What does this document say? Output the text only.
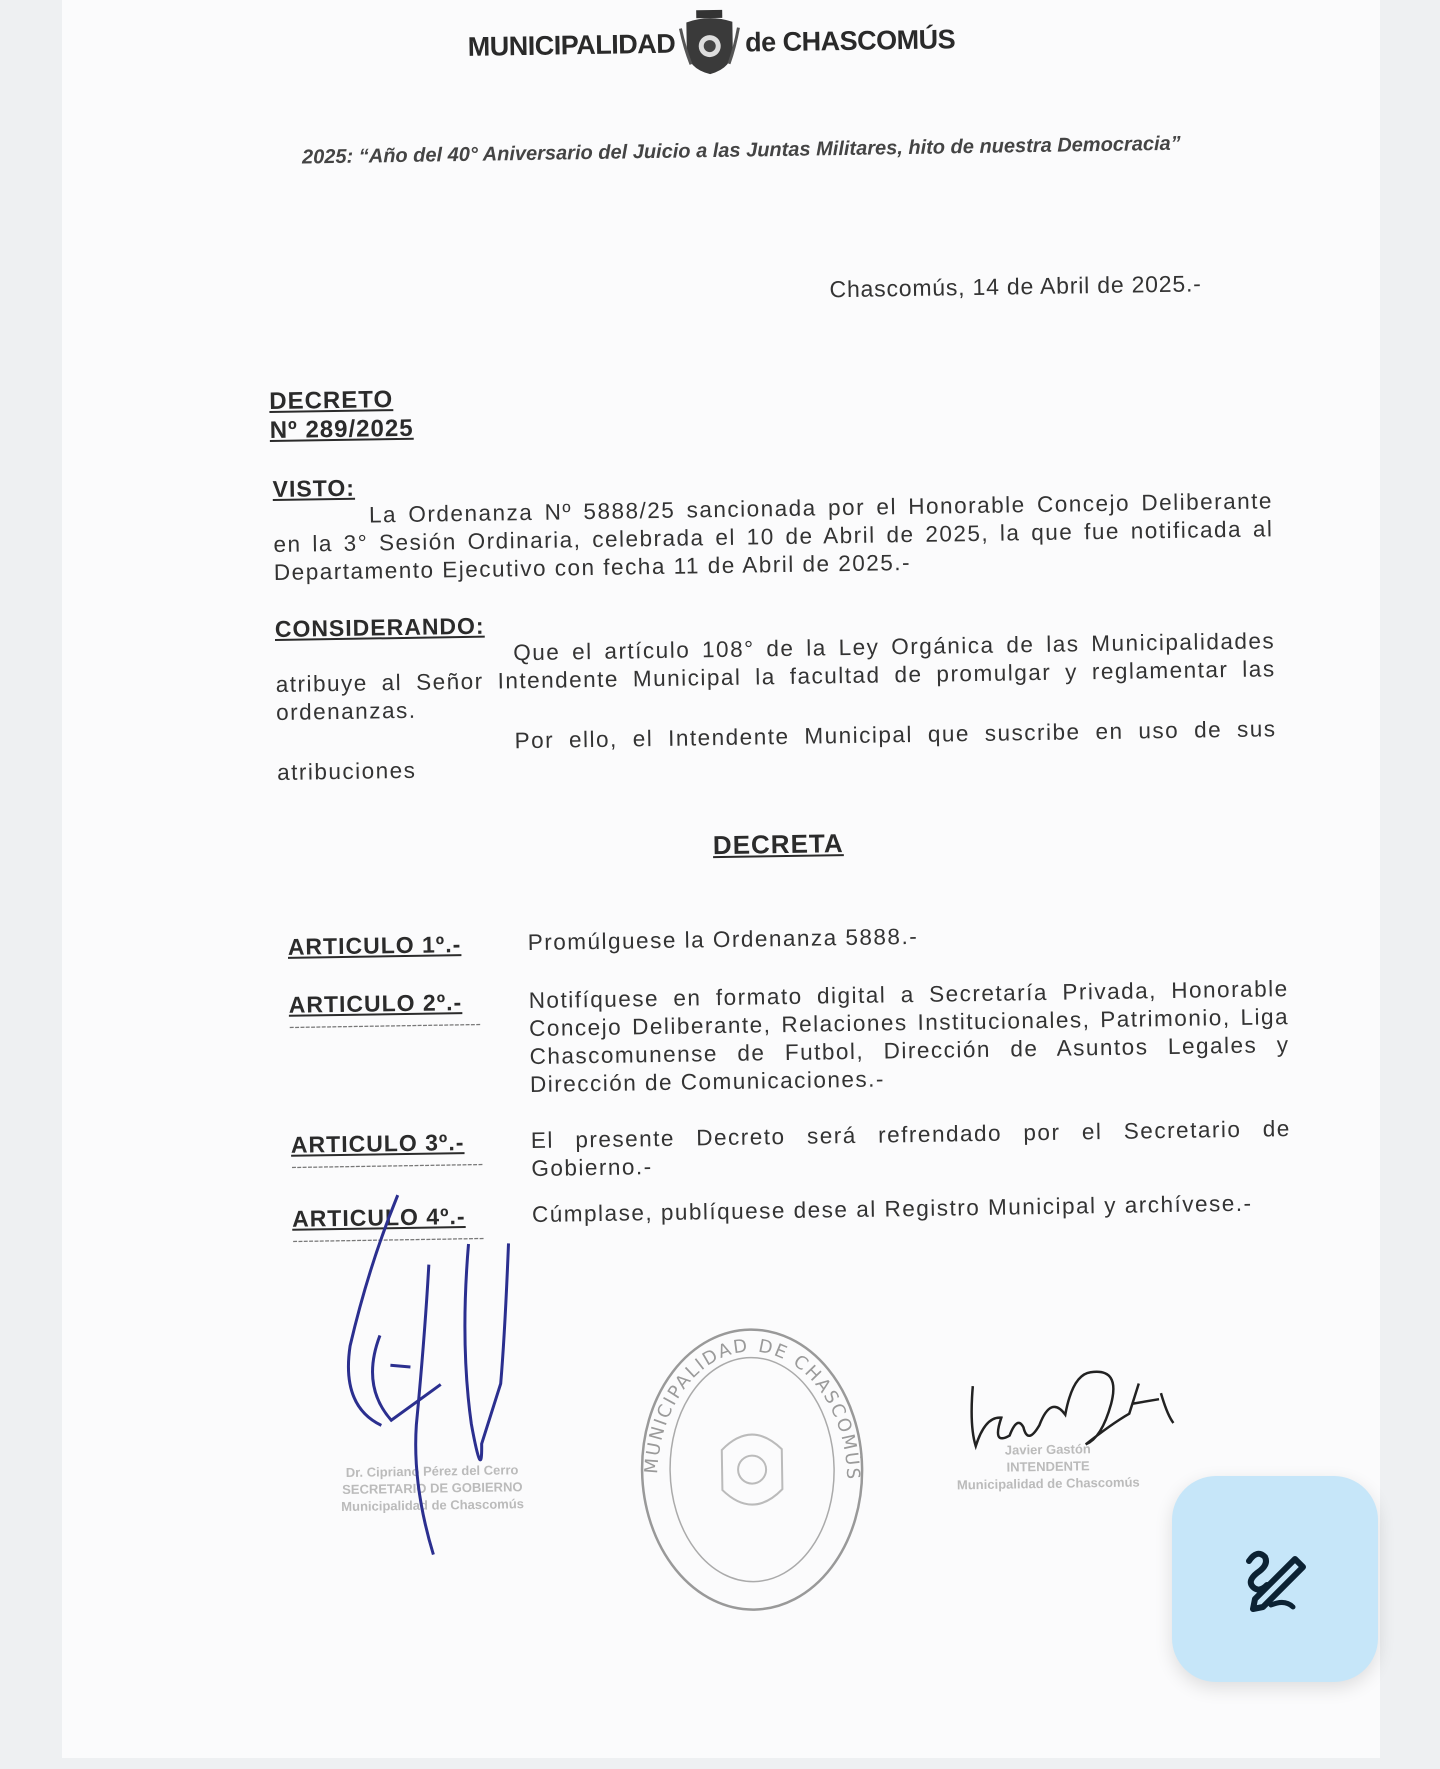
MUNICIPALIDAD	de CHASCOMÚS
2025: “Año del 40° Aniversario del Juicio a las Juntas Militares, hito de nuestra Democracia”
Chascomús, 14 de Abril de 2025.-
DECRETO
Nº 289/2025
VISTO: La Ordenanza Nº 5888/25 sancionada por el Honorable Concejo Deliberante en la 3° Sesión Ordinaria, celebrada el 10 de Abril de 2025, la que fue notificada al Departamento Ejecutivo con fecha 11 de Abril de 2025.-
CONSIDERANDO:
Que el artículo 108° de la Ley Orgánica de las Municipalidades atribuye al Señor Intendente Municipal la facultad de promulgar y reglamentar las ordenanzas.
Por ello, el Intendente Municipal que suscribe en uso de sus atribuciones
DECRETA
ARTICULO 1º.-	Promúlguese la Ordenanza 5888.-
ARTICULO 2º.-
------------------------------------
Notifíquese en formato digital a Secretaría Privada, Honorable Concejo Deliberante, Relaciones Institucionales, Patrimonio, Liga Chascomunense de Futbol, Dirección de Asuntos Legales y Dirección de Comunicaciones.-
ARTICULO 3º.-
------------------------------------
El presente Decreto será refrendado por el Secretario de Gobierno.-
ARTICULO 4º.-
------------------------------------
Cúmplase, publíquese dese al Registro Municipal y archívese.-
Dr. Cipriano Pérez del Cerro
SECRETARIO DE GOBIERNO
Municipalidad de Chascomús
MUNICIPALIDAD DE CHASCOMÚS
Javier Gastón
INTENDENTE
Municipalidad de Chascomús
